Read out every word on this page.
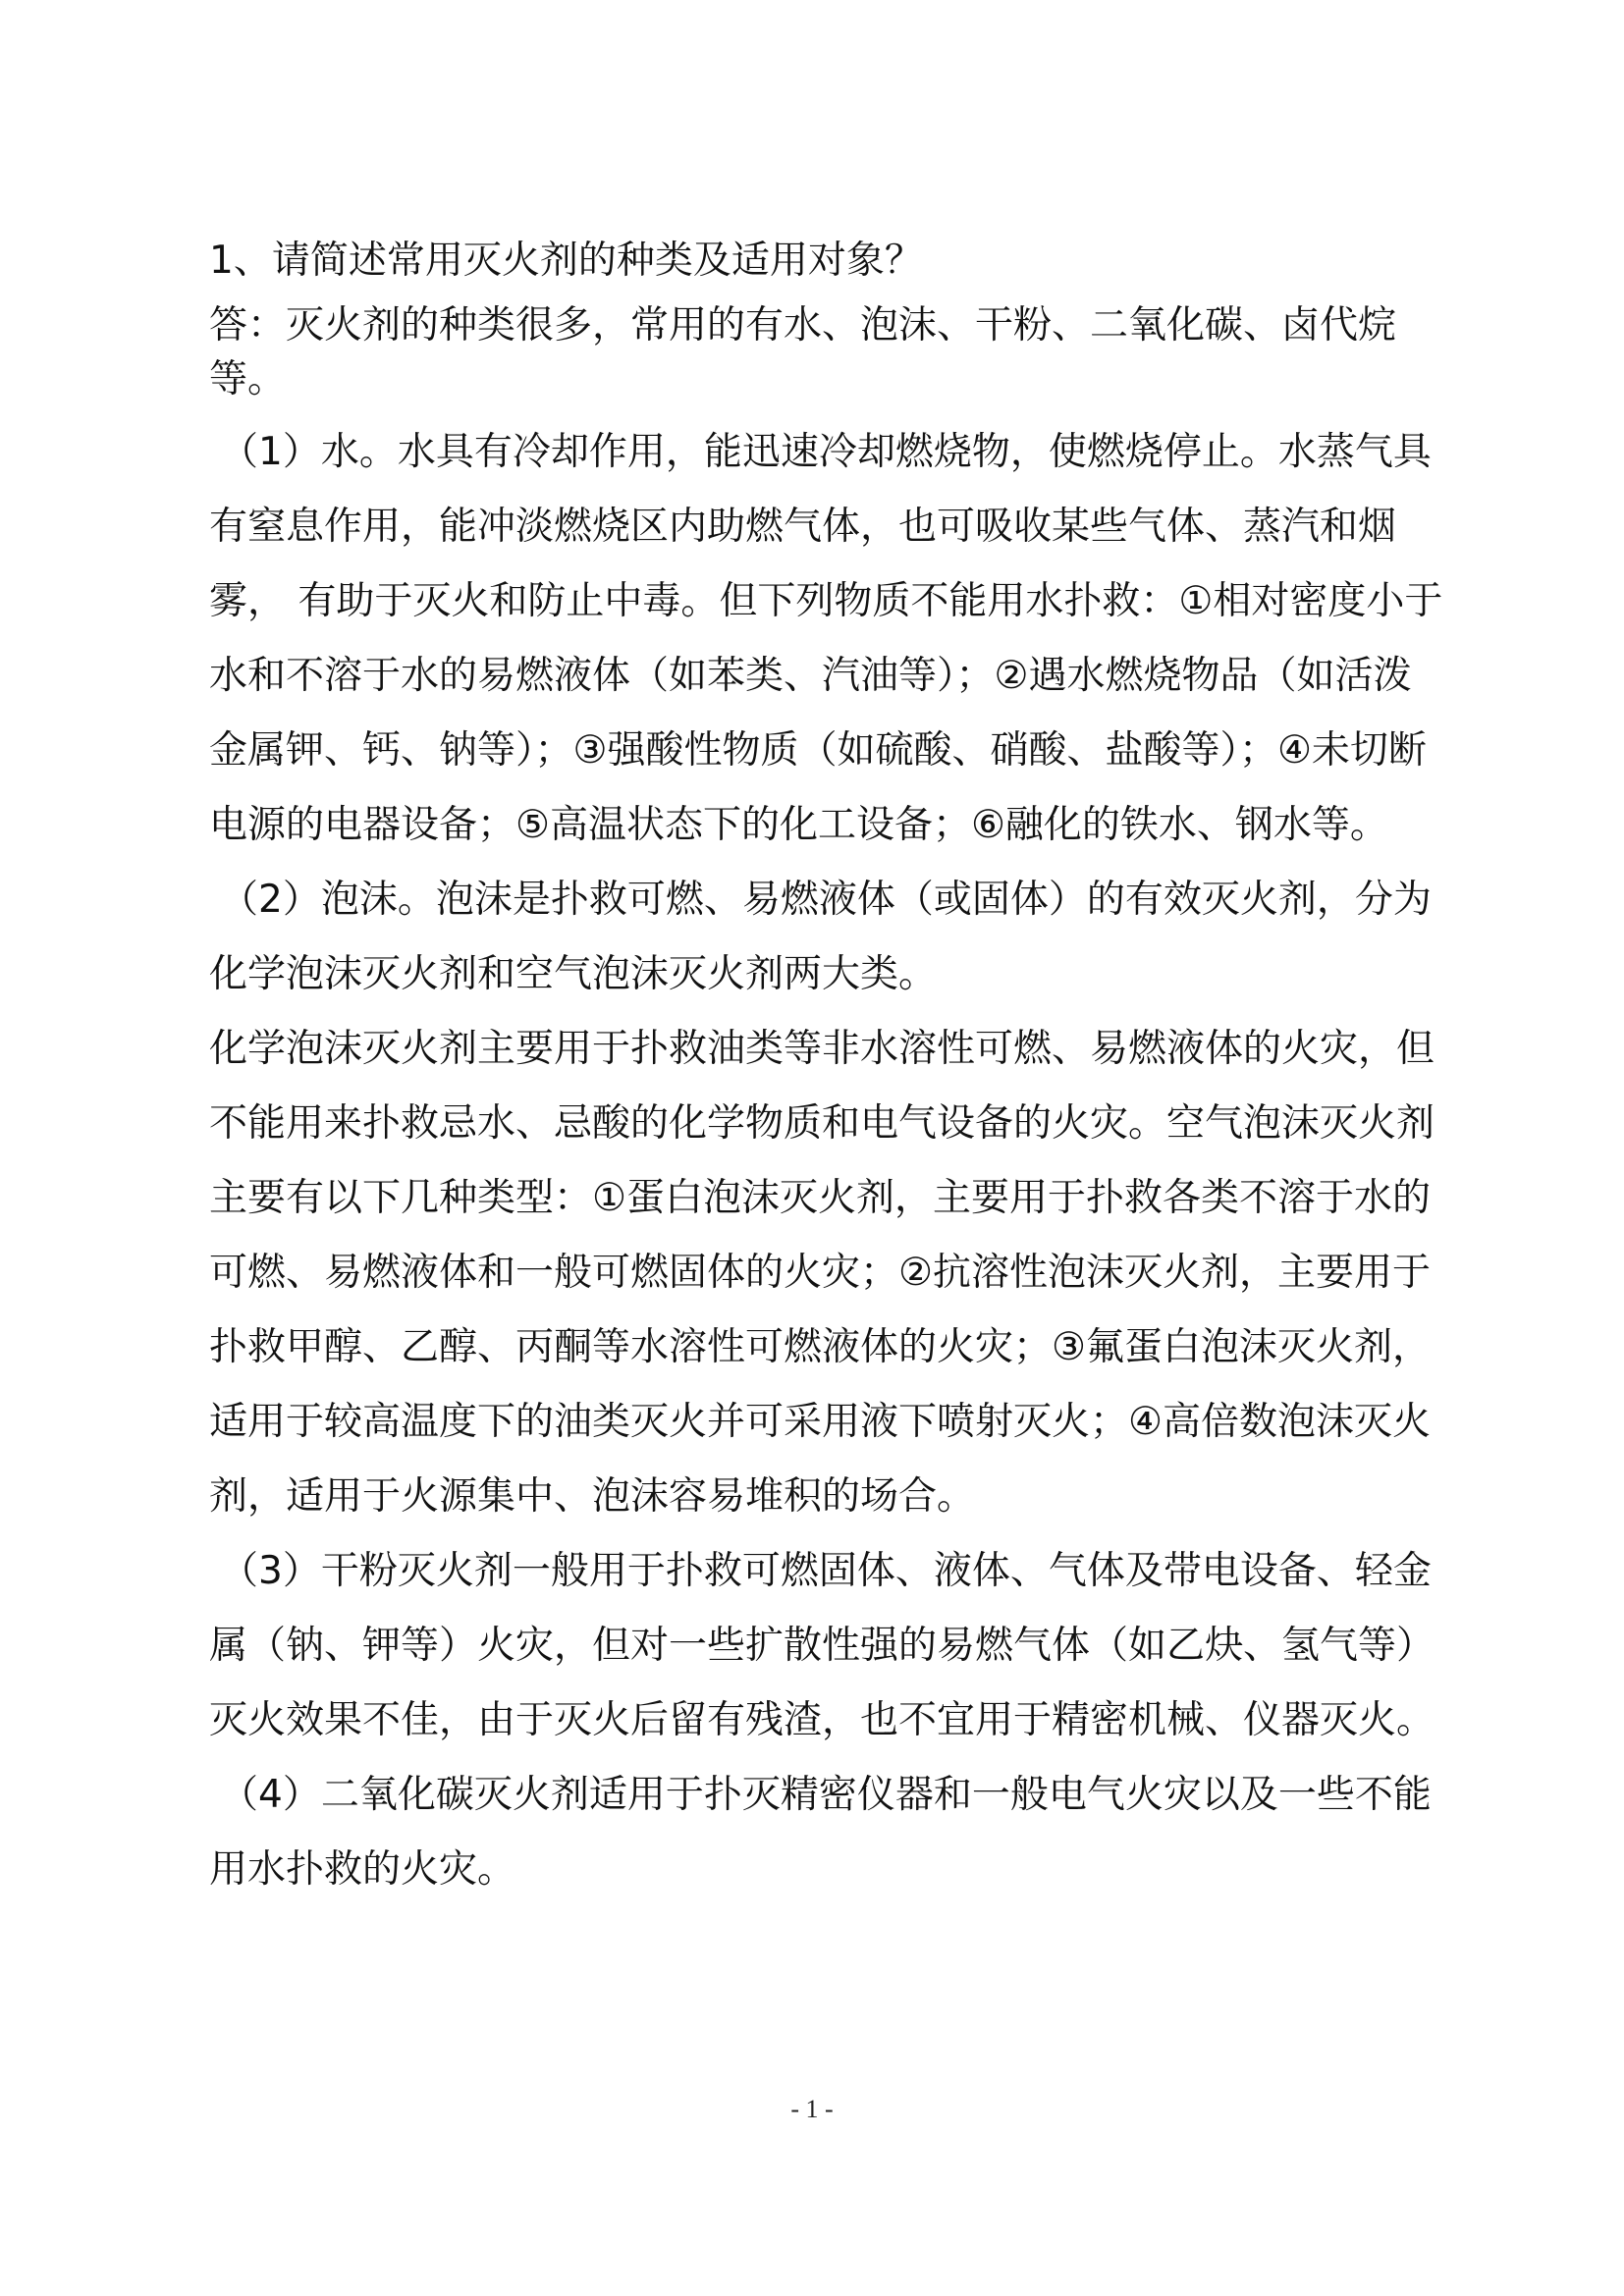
1、请简述常用灭火剂的种类及适用对象？

答：灭火剂的种类很多，常用的有水、泡沫、干粉、二氧化碳、卤代烷等。

（1）水。水具有冷却作用，能迅速冷却燃烧物，使燃烧停止。水蒸气具有窒息作用，能冲淡燃烧区内助燃气体，也可吸收某些气体、蒸汽和烟雾， 有助于灭火和防止中毒。但下列物质不能用水扑救：①相对密度小于水和不溶于水的易燃液体（如苯类、汽油等）；②遇水燃烧物品（如活泼金属钾、钙、钠等）；③强酸性物质（如硫酸、硝酸、盐酸等）；④未切断电源的电器设备；⑤高温状态下的化工设备；⑥融化的铁水、钢水等。

（2）泡沫。泡沫是扑救可燃、易燃液体（或固体）的有效灭火剂，分为化学泡沫灭火剂和空气泡沫灭火剂两大类。

化学泡沫灭火剂主要用于扑救油类等非水溶性可燃、易燃液体的火灾，但不能用来扑救忌水、忌酸的化学物质和电气设备的火灾。空气泡沫灭火剂主要有以下几种类型：①蛋白泡沫灭火剂，主要用于扑救各类不溶于水的可燃、易燃液体和一般可燃固体的火灾；②抗溶性泡沫灭火剂，主要用于扑救甲醇、乙醇、丙酮等水溶性可燃液体的火灾；③氟蛋白泡沫灭火剂， 适用于较高温度下的油类灭火并可采用液下喷射灭火；④高倍数泡沫灭火剂，适用于火源集中、泡沫容易堆积的场合。

（3）干粉灭火剂一般用于扑救可燃固体、液体、气体及带电设备、轻金属（钠、钾等）火灾，但对一些扩散性强的易燃气体（如乙炔、氢气等） 灭火效果不佳，由于灭火后留有残渣，也不宜用于精密机械、仪器灭火。

（4）二氧化碳灭火剂适用于扑灭精密仪器和一般电气火灾以及一些不能用水扑救的火灾。

- 1 -
